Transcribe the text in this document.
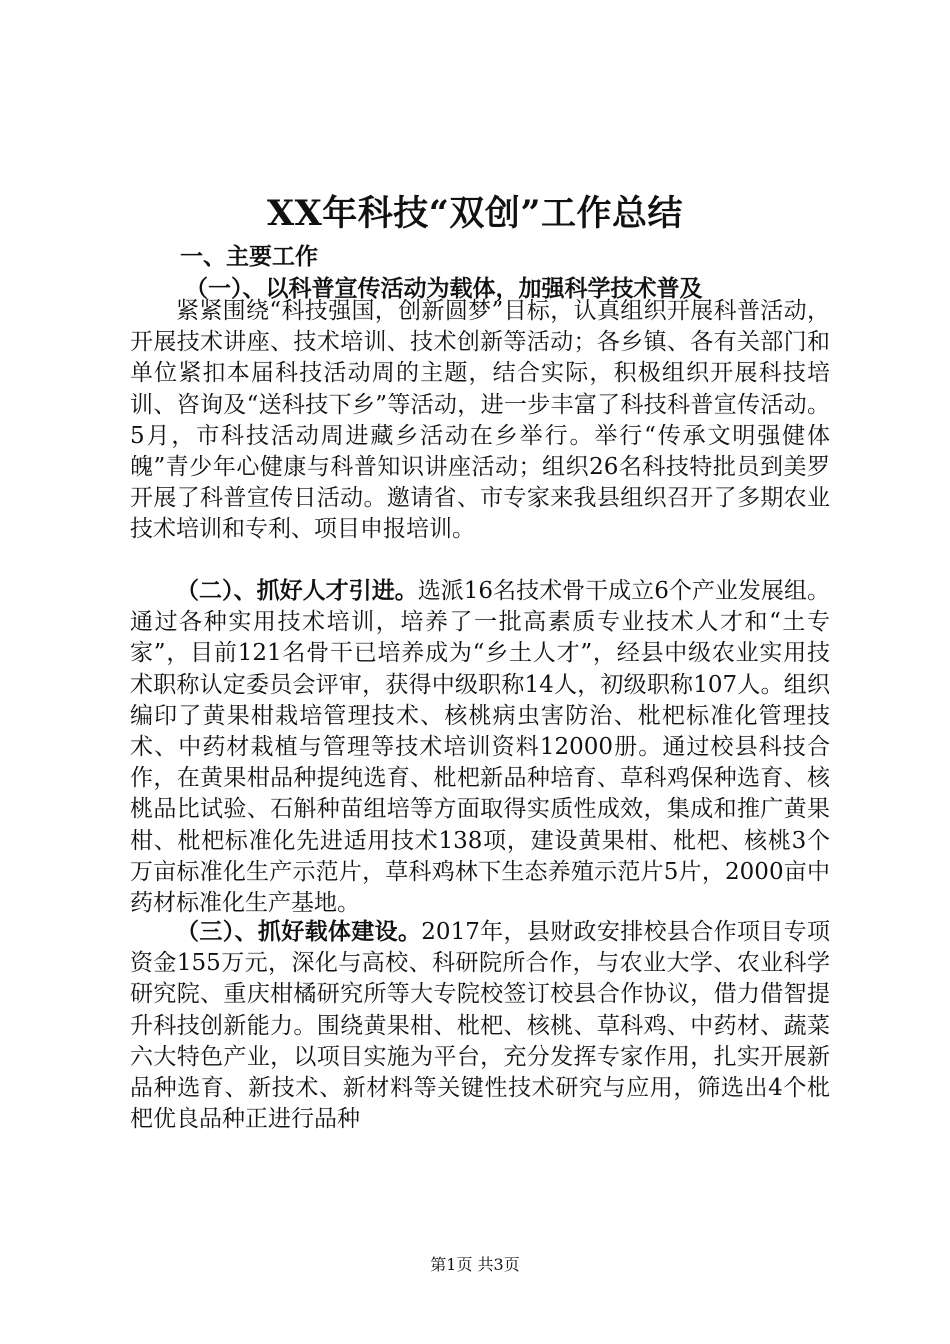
XX年科技“双创”工作总结
一、主要工作
（一）、以科普宣传活动为载体，加强科学技术普及
紧紧围绕“科技强国，创新圆梦”目标，认真组织开展科普活动，开展技术讲座、技术培训、技术创新等活动；各乡镇、各有关部门和单位紧扣本届科技活动周的主题，结合实际，积极组织开展科技培训、咨询及“送科技下乡”等活动，进一步丰富了科技科普宣传活动。5月，市科技活动周进藏乡活动在乡举行。举行“传承文明强健体魄”青少年心健康与科普知识讲座活动；组织26名科技特批员到美罗开展了科普宣传日活动。邀请省、市专家来我县组织召开了多期农业技术培训和专利、项目申报培训。
（二）、抓好人才引进。选派16名技术骨干成立6个产业发展组。通过各种实用技术培训，培养了一批高素质专业技术人才和“土专家”，目前121名骨干已培养成为“乡土人才”，经县中级农业实用技术职称认定委员会评审，获得中级职称14人，初级职称107人。组织编印了黄果柑栽培管理技术、核桃病虫害防治、枇杷标准化管理技术、中药材栽植与管理等技术培训资料12000册。通过校县科技合作，在黄果柑品种提纯选育、枇杷新品种培育、草科鸡保种选育、核桃品比试验、石斛种苗组培等方面取得实质性成效，集成和推广黄果柑、枇杷标准化先进适用技术138项，建设黄果柑、枇杷、核桃3个万亩标准化生产示范片，草科鸡林下生态养殖示范片5片，2000亩中药材标准化生产基地。
（三）、抓好载体建设。2017年，县财政安排校县合作项目专项资金155万元，深化与高校、科研院所合作，与农业大学、农业科学研究院、重庆柑橘研究所等大专院校签订校县合作协议，借力借智提升科技创新能力。围绕黄果柑、枇杷、核桃、草科鸡、中药材、蔬菜六大特色产业，以项目实施为平台，充分发挥专家作用，扎实开展新品种选育、新技术、新材料等关键性技术研究与应用，筛选出4个枇杷优良品种正进行品种
第1页 共3页
